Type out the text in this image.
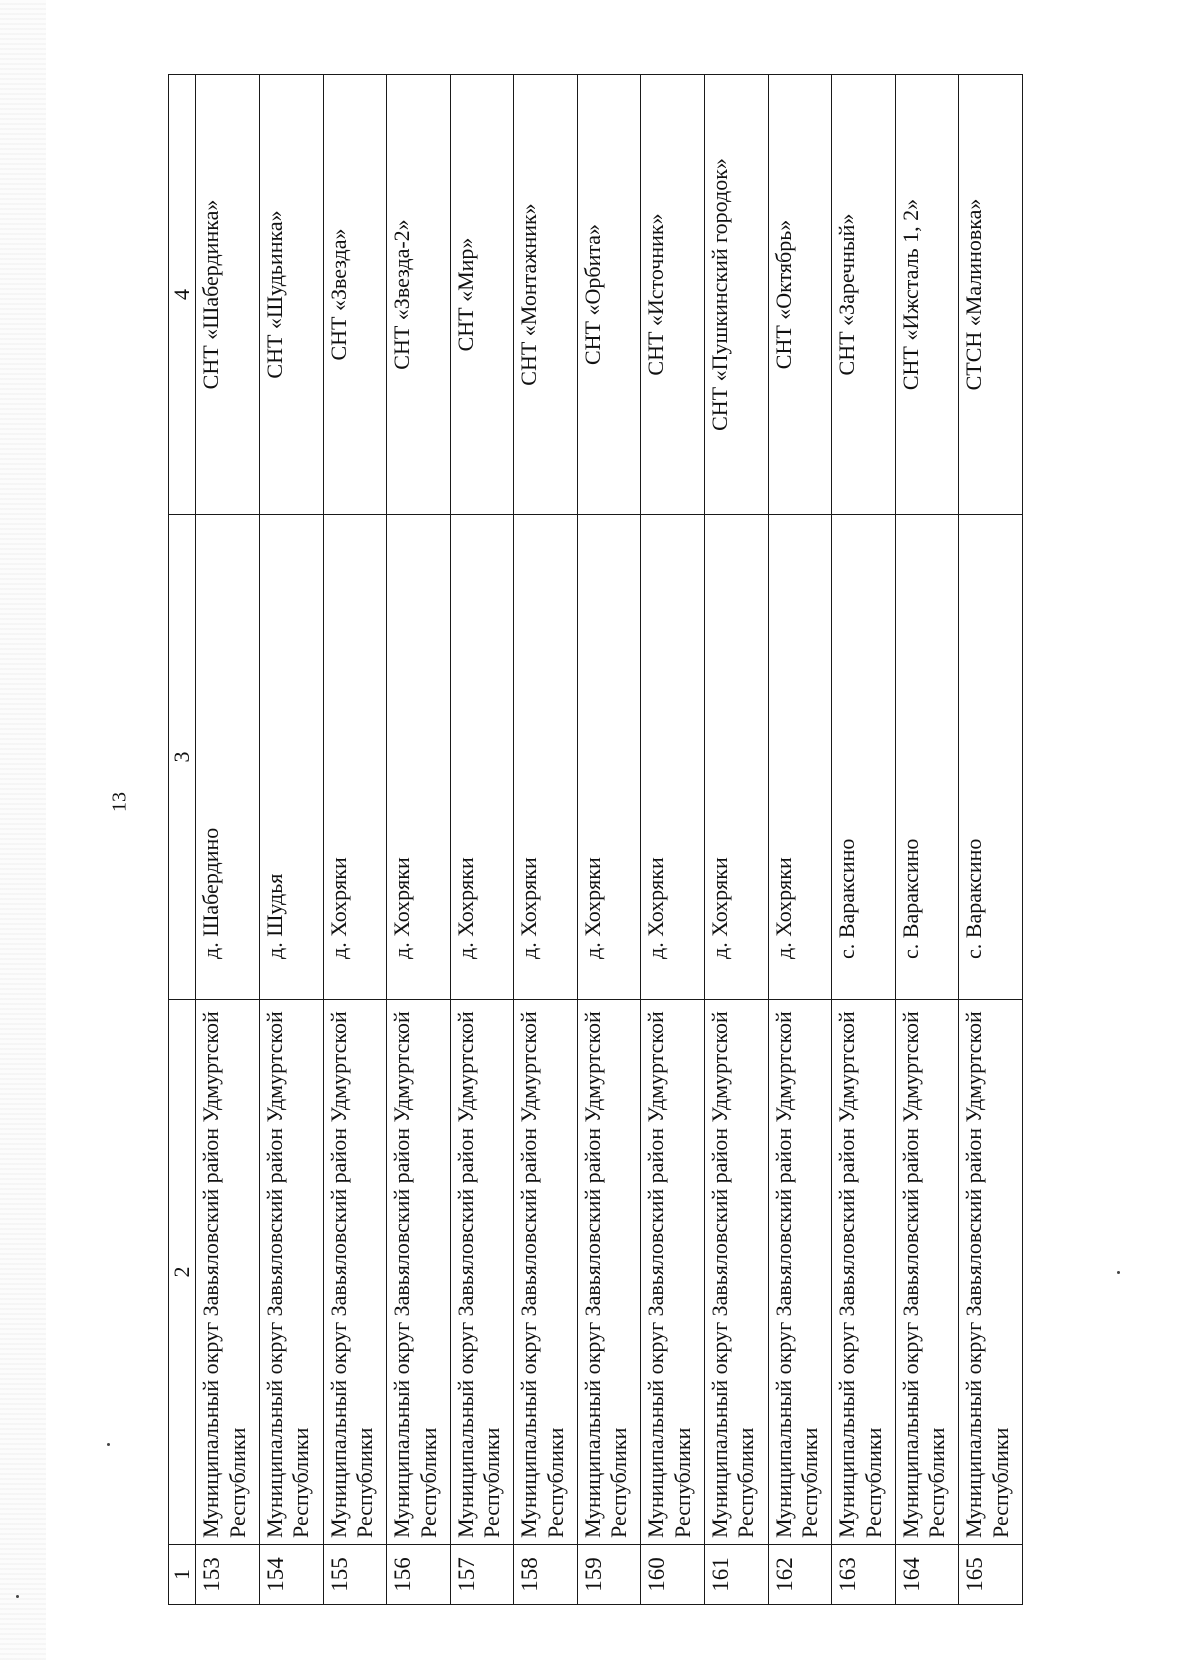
13
1	2	3	4
153	Муниципальный округ Завьяловский район Удмуртской Республики	д. Шабердино	СНТ «Шабердинка»
154	Муниципальный округ Завьяловский район Удмуртской Республики	д. Шудья	СНТ «Шудьинка»
155	Муниципальный округ Завьяловский район Удмуртской Республики	д. Хохряки	СНТ «Звезда»
156	Муниципальный округ Завьяловский район Удмуртской Республики	д. Хохряки	СНТ «Звезда-2»
157	Муниципальный округ Завьяловский район Удмуртской Республики	д. Хохряки	СНТ «Мир»
158	Муниципальный округ Завьяловский район Удмуртской Республики	д. Хохряки	СНТ «Монтажник»
159	Муниципальный округ Завьяловский район Удмуртской Республики	д. Хохряки	СНТ «Орбита»
160	Муниципальный округ Завьяловский район Удмуртской Республики	д. Хохряки	СНТ «Источник»
161	Муниципальный округ Завьяловский район Удмуртской Республики	д. Хохряки	СНТ «Пушкинский городок»
162	Муниципальный округ Завьяловский район Удмуртской Республики	д. Хохряки	СНТ «Октябрь»
163	Муниципальный округ Завьяловский район Удмуртской Республики	с. Вараксино	СНТ «Заречный»
164	Муниципальный округ Завьяловский район Удмуртской Республики	с. Вараксино	СНТ «Ижсталь 1, 2»
165	Муниципальный округ Завьяловский район Удмуртской Республики	с. Вараксино	СТСН «Малиновка»
